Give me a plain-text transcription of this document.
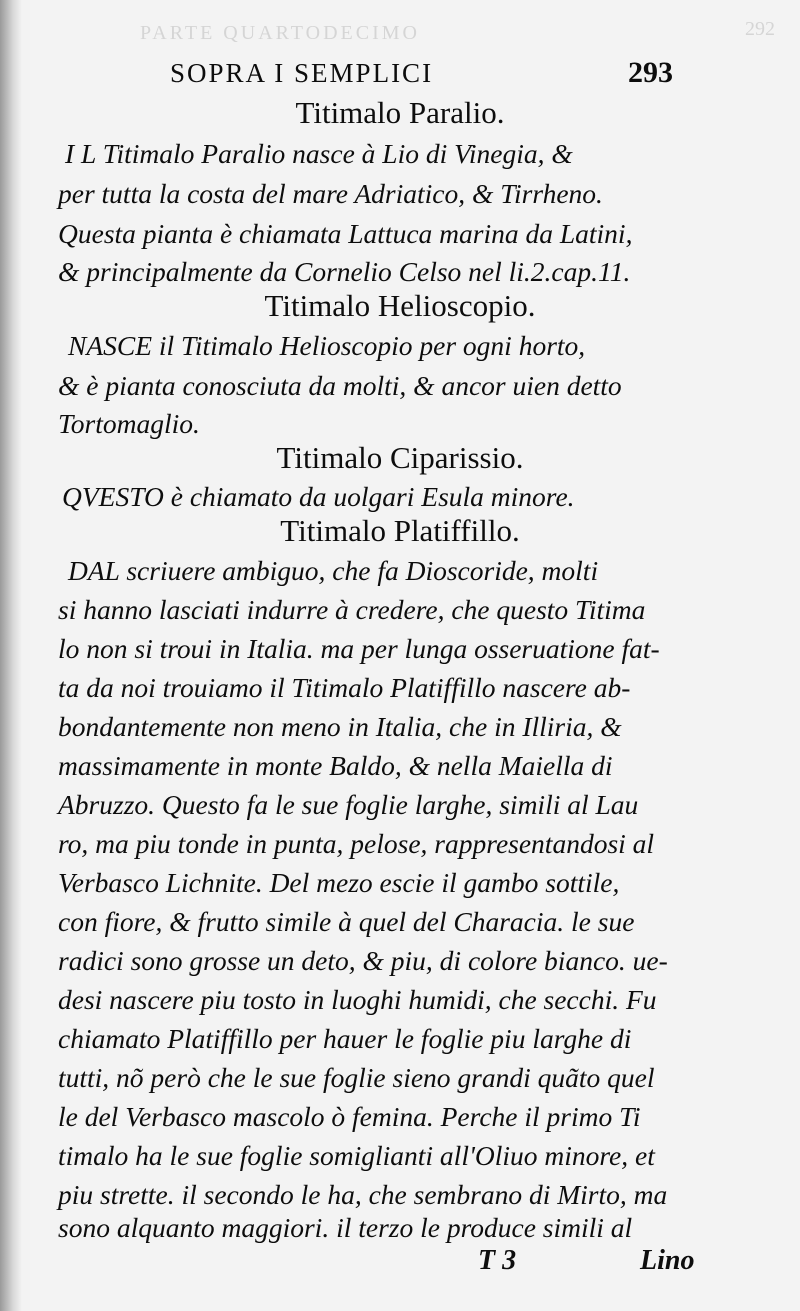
PARTE QUARTODECIMO	292
SOPRA I SEMPLICI	293
Titimalo Paralio.
I L Titimalo Paralio nasce à Lio di Vinegia, &
per tutta la costa del mare Adriatico, & Tirrheno.
Questa pianta è chiamata Lattuca marina da Latini,
& principalmente da Cornelio Celso nel li.2.cap.11.
Titimalo Helioscopio.
NASCE il Titimalo Helioscopio per ogni horto,
& è pianta conosciuta da molti, & ancor uien detto
Tortomaglio.
Titimalo Ciparissio.
QVESTO è chiamato da uolgari Esula minore.
Titimalo Platiffillo.
DAL scriuere ambiguo, che fa Dioscoride, molti
si hanno lasciati indurre à credere, che questo Titima
lo non si troui in Italia. ma per lunga osseruatione fat-
ta da noi trouiamo il Titimalo Platiffillo nascere ab-
bondantemente non meno in Italia, che in Illiria, &
massimamente in monte Baldo, & nella Maiella di
Abruzzo. Questo fa le sue foglie larghe, simili al Lau
ro, ma piu tonde in punta, pelose, rappresentandosi al
Verbasco Lichnite. Del mezo escie il gambo sottile,
con fiore, & frutto simile à quel del Characia. le sue
radici sono grosse un deto, & piu, di colore bianco. ue-
desi nascere piu tosto in luoghi humidi, che secchi. Fu
chiamato Platiffillo per hauer le foglie piu larghe di
tutti, nõ però che le sue foglie sieno grandi quãto quel
le del Verbasco mascolo ò femina. Perche il primo Ti
timalo ha le sue foglie somiglianti all'Oliuo minore, et
piu strette. il secondo le ha, che sembrano di Mirto, ma
sono alquanto maggiori. il terzo le produce simili al
T 3	Lino
